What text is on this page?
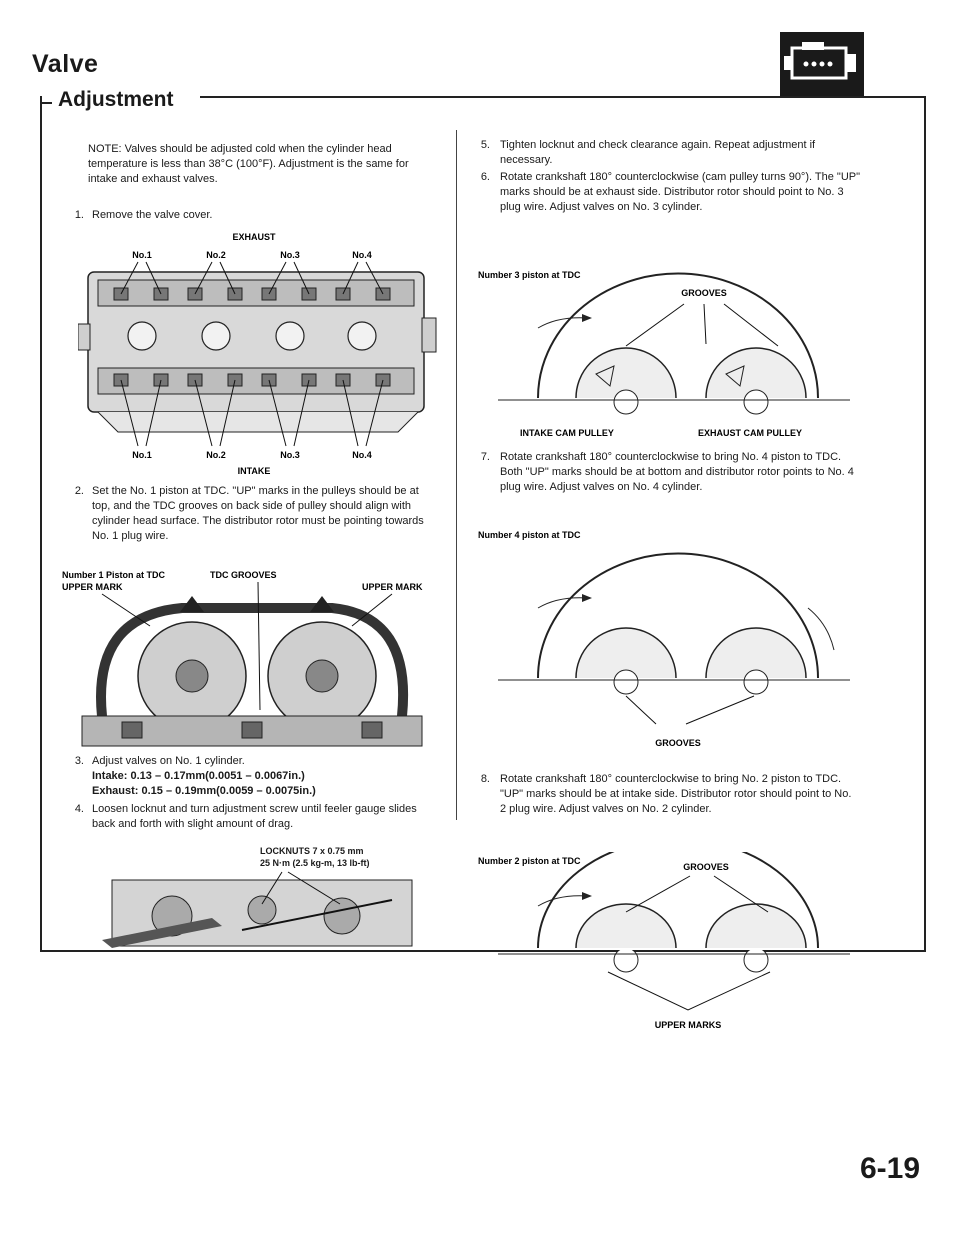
Valve
Adjustment
NOTE: Valves should be adjusted cold when the cylinder head temperature is less than 38°C (100°F). Adjustment is the same for intake and exhaust valves.
1. Remove the valve cover.
EXHAUST
No.1	No.2	No.3	No.4
No.1	No.2	No.3	No.4
INTAKE
2. Set the No. 1 piston at TDC. "UP" marks in the pulleys should be at top, and the TDC grooves on back side of pulley should align with cylinder head surface. The distributor rotor must be pointing towards No. 1 plug wire.
Number 1 Piston at TDC
UPPER MARK
TDC GROOVES
UPPER MARK
3. Adjust valves on No. 1 cylinder.
Intake: 0.13 – 0.17mm(0.0051 – 0.0067in.)
Exhaust: 0.15 – 0.19mm(0.0059 – 0.0075in.)
4. Loosen locknut and turn adjustment screw until feeler gauge slides back and forth with slight amount of drag.
LOCKNUTS 7 x 0.75 mm
25 N·m (2.5 kg-m, 13 lb-ft)
5. Tighten locknut and check clearance again. Repeat adjustment if necessary.
6. Rotate crankshaft 180° counterclockwise (cam pulley turns 90°). The "UP" marks should be at exhaust side. Distributor rotor should point to No. 3 plug wire. Adjust valves on No. 3 cylinder.
Number 3 piston at TDC
GROOVES
INTAKE CAM PULLEY	EXHAUST CAM PULLEY
7. Rotate crankshaft 180° counterclockwise to bring No. 4 piston to TDC. Both "UP" marks should be at bottom and distributor rotor points to No. 4 plug wire. Adjust valves on No. 4 cylinder.
Number 4 piston at TDC
GROOVES
8. Rotate crankshaft 180° counterclockwise to bring No. 2 piston to TDC. "UP" marks should be at intake side. Distributor rotor should point to No. 2 plug wire. Adjust valves on No. 2 cylinder.
Number 2 piston at TDC
GROOVES
UPPER MARKS
6-19
